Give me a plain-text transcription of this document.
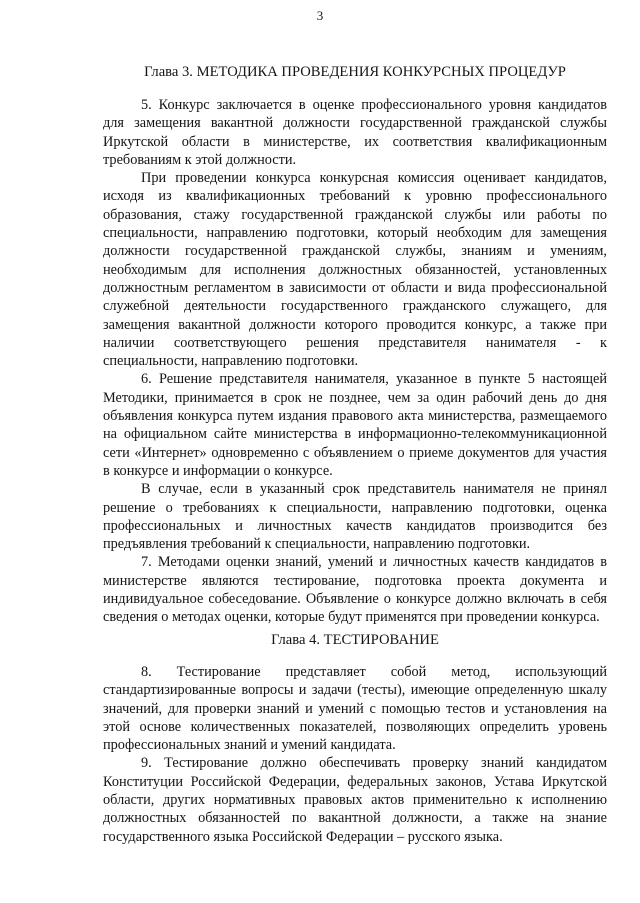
3
Глава 3. МЕТОДИКА ПРОВЕДЕНИЯ КОНКУРСНЫХ ПРОЦЕДУР

5. Конкурс заключается в оценке профессионального уровня кандидатов для замещения вакантной должности государственной гражданской службы Иркутской области в министерстве, их соответствия квалификационным требованиям к этой должности.

При проведении конкурса конкурсная комиссия оценивает кандидатов, исходя из квалификационных требований к уровню профессионального образования, стажу государственной гражданской службы или работы по специальности, направлению подготовки, который необходим для замещения должности государственной гражданской службы, знаниям и умениям, необходимым для исполнения должностных обязанностей, установленных должностным регламентом в зависимости от области и вида профессиональной служебной деятельности государственного гражданского служащего, для замещения вакантной должности которого проводится конкурс, а также при наличии соответствующего решения представителя нанимателя - к специальности, направлению подготовки.

6. Решение представителя нанимателя, указанное в пункте 5 настоящей Методики, принимается в срок не позднее, чем за один рабочий день до дня объявления конкурса путем издания правового акта министерства, размещаемого на официальном сайте министерства в информационно-телекоммуникационной сети «Интернет» одновременно с объявлением о приеме документов для участия в конкурсе и информации о конкурсе.

В случае, если в указанный срок представитель нанимателя не принял решение о требованиях к специальности, направлению подготовки, оценка профессиональных и личностных качеств кандидатов производится без предъявления требований к специальности, направлению подготовки.

7. Методами оценки знаний, умений и личностных качеств кандидатов в министерстве являются тестирование, подготовка проекта документа и индивидуальное собеседование. Объявление о конкурсе должно включать в себя сведения о методах оценки, которые будут применятся при проведении конкурса.

Глава 4. ТЕСТИРОВАНИЕ

8. Тестирование представляет собой метод, использующий стандартизированные вопросы и задачи (тесты), имеющие определенную шкалу значений, для проверки знаний и умений с помощью тестов и установления на этой основе количественных показателей, позволяющих определить уровень профессиональных знаний и умений кандидата.

9. Тестирование должно обеспечивать проверку знаний кандидатом Конституции Российской Федерации, федеральных законов, Устава Иркутской области, других нормативных правовых актов применительно к исполнению должностных обязанностей по вакантной должности, а также на знание государственного языка Российской Федерации – русского языка.
